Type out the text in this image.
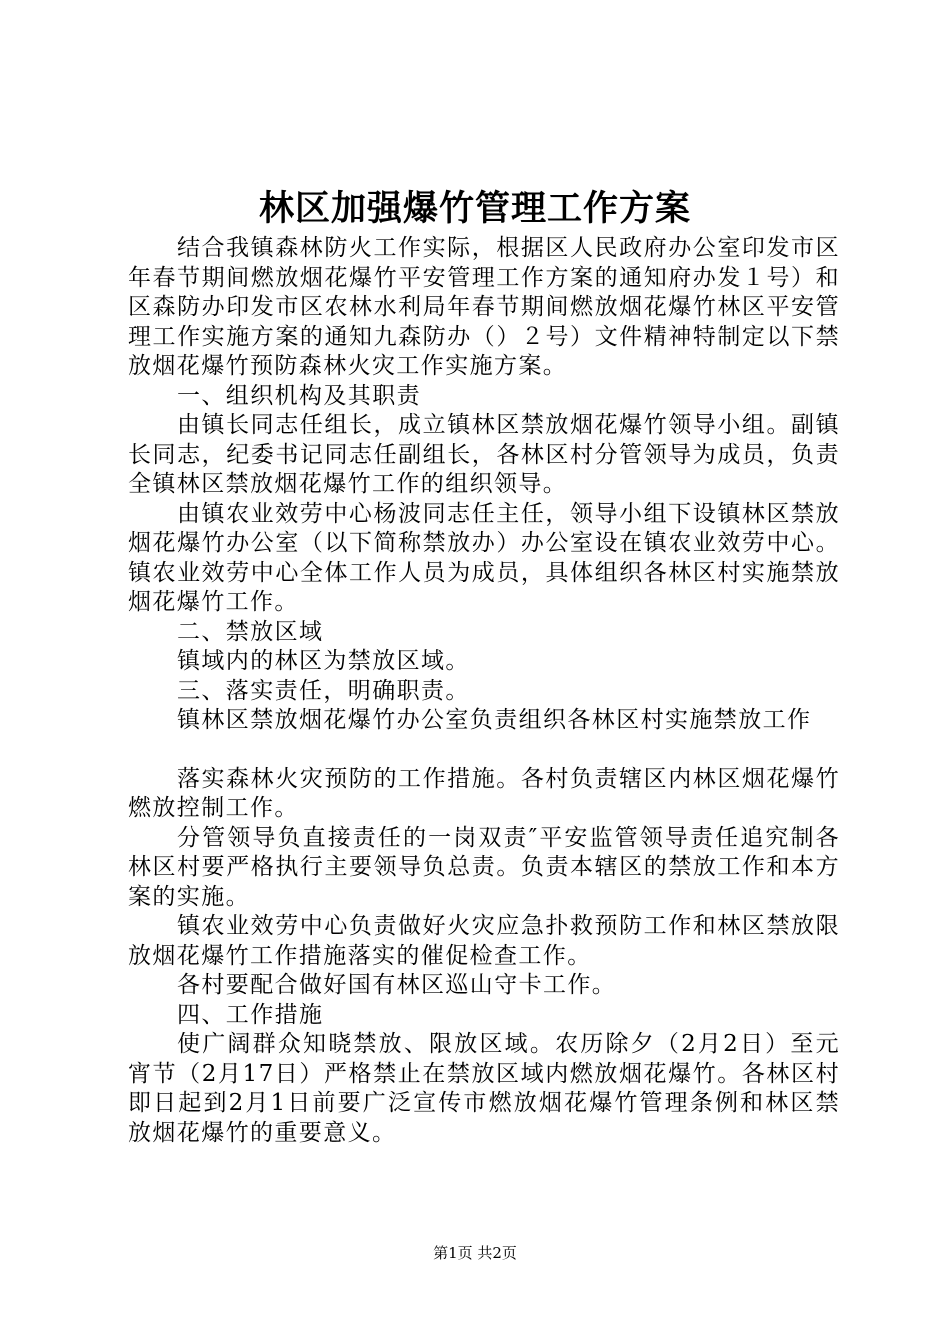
林区加强爆竹管理工作方案

结合我镇森林防火工作实际，根据区人民政府办公室印发市区年春节期间燃放烟花爆竹平安管理工作方案的通知府办发１号）和区森防办印发市区农林水利局年春节期间燃放烟花爆竹林区平安管理工作实施方案的通知九森防办（）２号）文件精神特制定以下禁放烟花爆竹预防森林火灾工作实施方案。

一、组织机构及其职责

由镇长同志任组长，成立镇林区禁放烟花爆竹领导小组。副镇长同志，纪委书记同志任副组长，各林区村分管领导为成员，负责全镇林区禁放烟花爆竹工作的组织领导。

由镇农业效劳中心杨波同志任主任，领导小组下设镇林区禁放烟花爆竹办公室（以下简称禁放办）办公室设在镇农业效劳中心。镇农业效劳中心全体工作人员为成员，具体组织各林区村实施禁放烟花爆竹工作。

二、禁放区域

镇域内的林区为禁放区域。

三、落实责任，明确职责。

镇林区禁放烟花爆竹办公室负责组织各林区村实施禁放工作

落实森林火灾预防的工作措施。各村负责辖区内林区烟花爆竹燃放控制工作。

分管领导负直接责任的一岗双责″平安监管领导责任追究制各林区村要严格执行主要领导负总责。负责本辖区的禁放工作和本方案的实施。

镇农业效劳中心负责做好火灾应急扑救预防工作和林区禁放限放烟花爆竹工作措施落实的催促检查工作。

各村要配合做好国有林区巡山守卡工作。

四、工作措施

使广阔群众知晓禁放、限放区域。农历除夕（2月2日）至元宵节（2月17日）严格禁止在禁放区域内燃放烟花爆竹。各林区村即日起到2月1日前要广泛宣传市燃放烟花爆竹管理条例和林区禁放烟花爆竹的重要意义。

第1页 共2页
